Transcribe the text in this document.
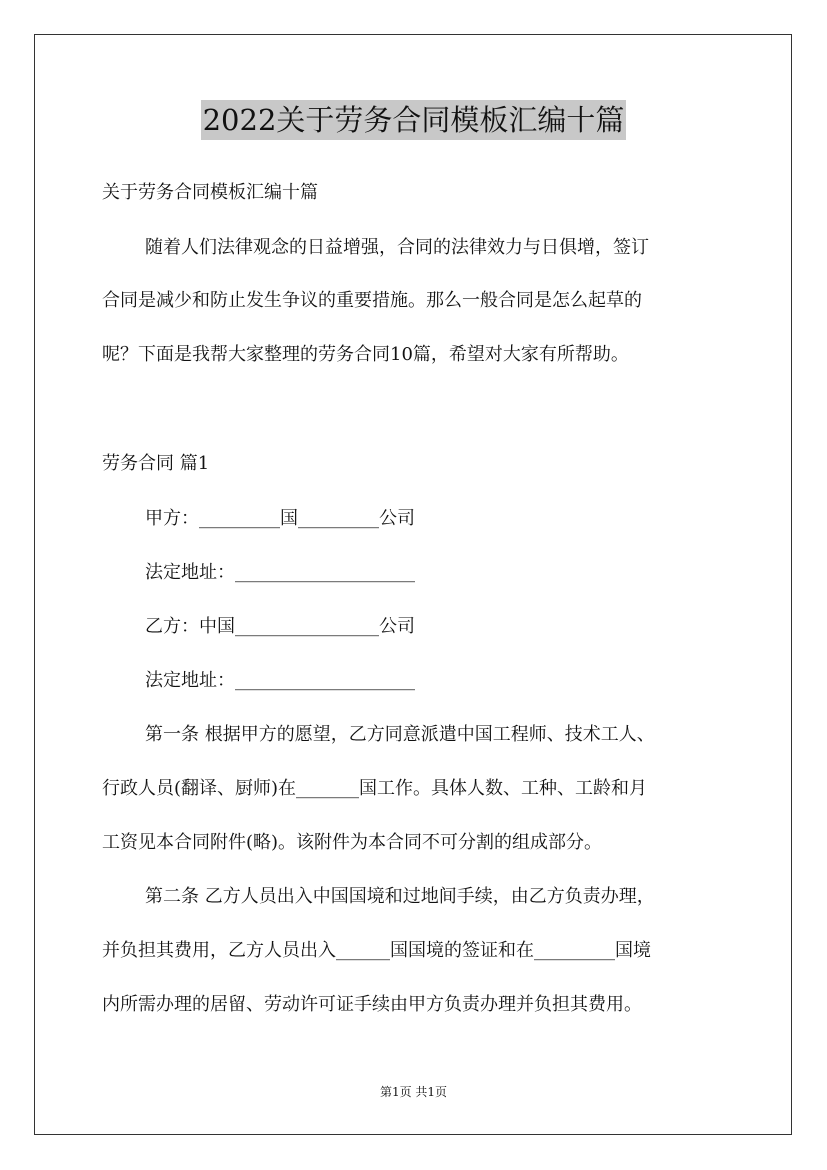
2022关于劳务合同模板汇编十篇
关于劳务合同模板汇编十篇
随着人们法律观念的日益增强，合同的法律效力与日俱增，签订
合同是减少和防止发生争议的重要措施。那么一般合同是怎么起草的
呢？下面是我帮大家整理的劳务合同10篇，希望对大家有所帮助。
劳务合同 篇1
甲方：_________国_________公司
法定地址：____________________
乙方：中国________________公司
法定地址：____________________
第一条 根据甲方的愿望，乙方同意派遣中国工程师、技术工人、
行政人员(翻译、厨师)在_______国工作。具体人数、工种、工龄和月
工资见本合同附件(略)。该附件为本合同不可分割的组成部分。
第二条 乙方人员出入中国国境和过地间手续，由乙方负责办理，
并负担其费用，乙方人员出入______国国境的签证和在_________国境
内所需办理的居留、劳动许可证手续由甲方负责办理并负担其费用。
第1页 共1页
